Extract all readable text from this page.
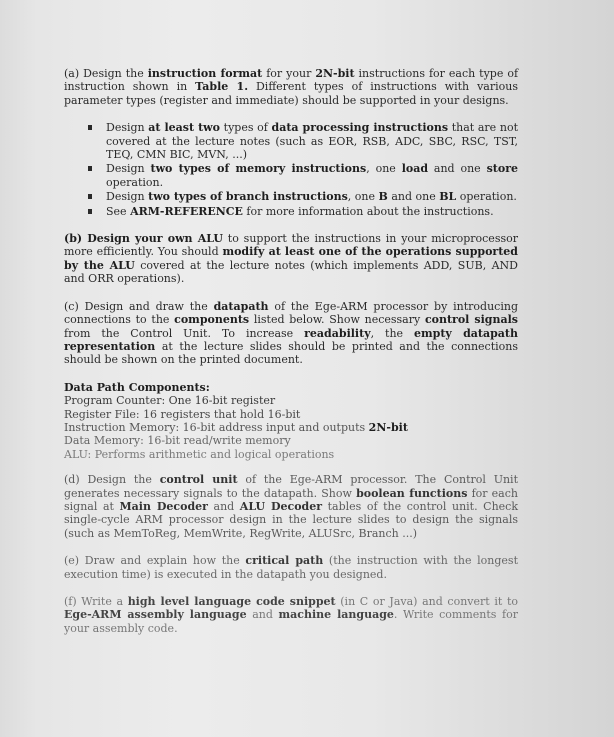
(a) Design the instruction format for your 2N-bit instructions for each type of instruction shown in Table 1. Different types of instructions with various parameter types (register and immediate) should be supported in your designs.

Design at least two types of data processing instructions that are not covered at the lecture notes (such as EOR, RSB, ADC, SBC, RSC, TST, TEQ, CMN BIC, MVN, ...)
Design two types of memory instructions, one load and one store operation.
Design two types of branch instructions, one B and one BL operation.
See ARM-REFERENCE for more information about the instructions.

(b) Design your own ALU to support the instructions in your microprocessor more efficiently. You should modify at least one of the operations supported by the ALU covered at the lecture notes (which implements ADD, SUB, AND and ORR operations).

(c) Design and draw the datapath of the Ege-ARM processor by introducing connections to the components listed below. Show necessary control signals from the Control Unit. To increase readability, the empty datapath representation at the lecture slides should be printed and the connections should be shown on the printed document.

Data Path Components:
Program Counter: One 16-bit register
Register File: 16 registers that hold 16-bit
Instruction Memory: 16-bit address input and outputs 2N-bit
Data Memory: 16-bit read/write memory
ALU: Performs arithmetic and logical operations

(d) Design the control unit of the Ege-ARM processor. The Control Unit generates necessary signals to the datapath. Show boolean functions for each signal at Main Decoder and ALU Decoder tables of the control unit. Check single-cycle ARM processor design in the lecture slides to design the signals (such as MemToReg, MemWrite, RegWrite, ALUSrc, Branch ...)

(e) Draw and explain how the critical path (the instruction with the longest execution time) is executed in the datapath you designed.

(f) Write a high level language code snippet (in C or Java) and convert it to Ege-ARM assembly language and machine language. Write comments for your assembly code.
